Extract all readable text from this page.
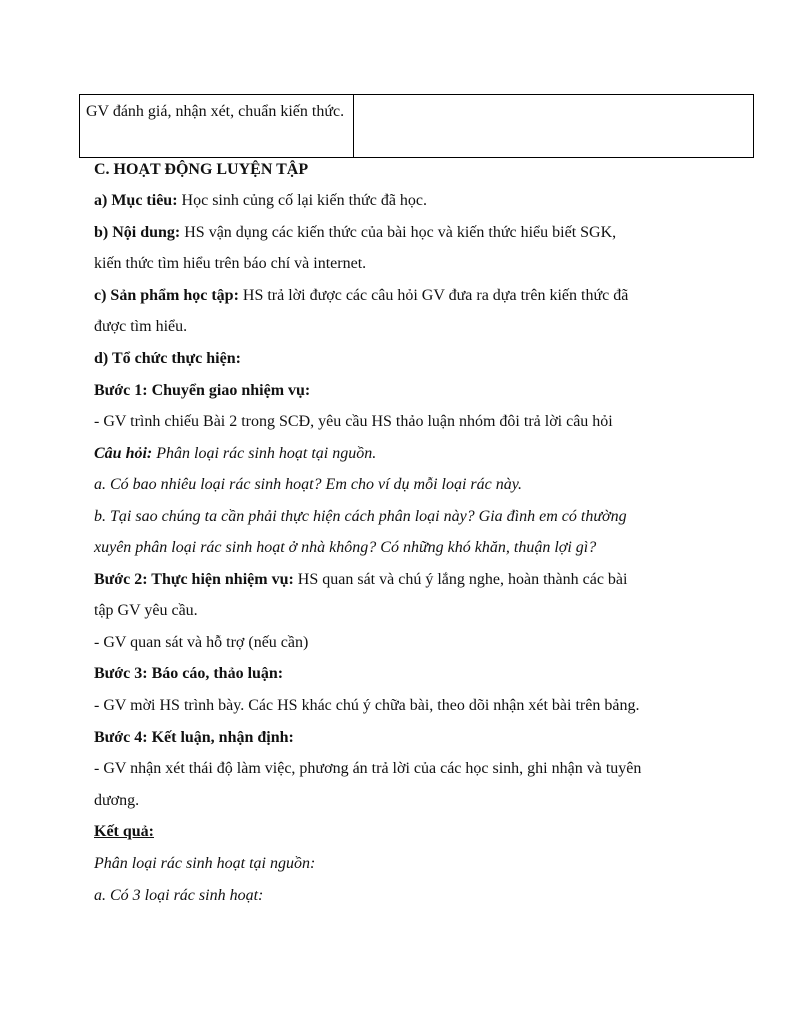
GV đánh giá, nhận xét, chuẩn kiến thức.	
C. HOẠT ĐỘNG LUYỆN TẬP
a) Mục tiêu: Học sinh củng cố lại kiến thức đã học.
b) Nội dung: HS vận dụng các kiến thức của bài học và kiến thức hiểu biết SGK,
kiến thức tìm hiểu trên báo chí và internet.
c) Sản phẩm học tập: HS trả lời được các câu hỏi GV đưa ra dựa trên kiến thức đã
được tìm hiểu.
d) Tổ chức thực hiện:
Bước 1: Chuyển giao nhiệm vụ:
- GV trình chiếu Bài 2 trong SCĐ, yêu cầu HS thảo luận nhóm đôi trả lời câu hỏi
Câu hỏi: Phân loại rác sinh hoạt tại nguồn.
a. Có bao nhiêu loại rác sinh hoạt? Em cho ví dụ mỗi loại rác này.
b. Tại sao chúng ta cần phải thực hiện cách phân loại này? Gia đình em có thường
xuyên phân loại rác sinh hoạt ở nhà không? Có những khó khăn, thuận lợi gì?
Bước 2: Thực hiện nhiệm vụ: HS quan sát và chú ý lắng nghe, hoàn thành các bài
tập GV yêu cầu.
- GV quan sát và hỗ trợ (nếu cần)
Bước 3: Báo cáo, thảo luận:
- GV mời HS trình bày. Các HS khác chú ý chữa bài, theo dõi nhận xét bài trên bảng.
Bước 4: Kết luận, nhận định:
- GV nhận xét thái độ làm việc, phương án trả lời của các học sinh, ghi nhận và tuyên
dương.
Kết quả:
Phân loại rác sinh hoạt tại nguồn:
a. Có 3 loại rác sinh hoạt:
